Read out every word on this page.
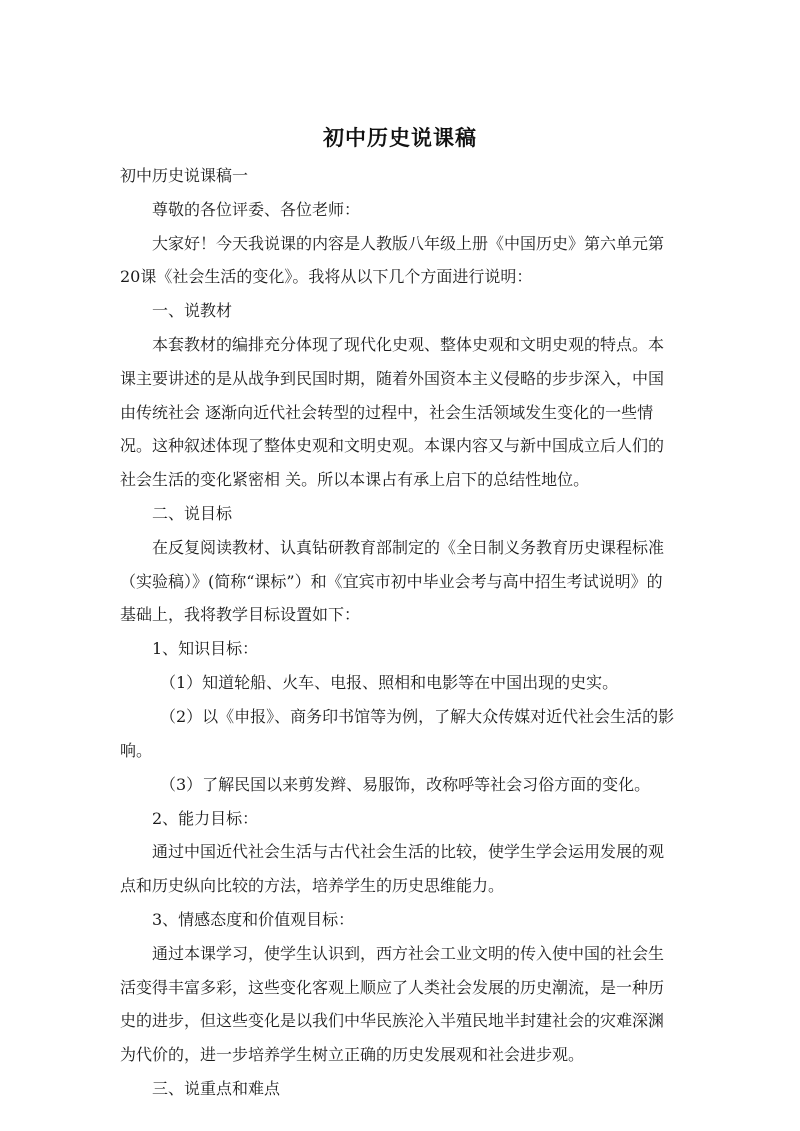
初中历史说课稿
初中历史说课稿一
尊敬的各位评委、各位老师：
大家好！今天我说课的内容是人教版八年级上册《中国历史》第六单元第
20课《社会生活的变化》。我将从以下几个方面进行说明：
一、说教材
本套教材的编排充分体现了现代化史观、整体史观和文明史观的特点。本
课主要讲述的是从战争到民国时期，随着外国资本主义侵略的步步深入，中国
由传统社会 逐渐向近代社会转型的过程中，社会生活领域发生变化的一些情
况。这种叙述体现了整体史观和文明史观。本课内容又与新中国成立后人们的
社会生活的变化紧密相 关。所以本课占有承上启下的总结性地位。
二、说目标
在反复阅读教材、认真钻研教育部制定的《全日制义务教育历史课程标准
（实验稿）》(简称“课标”）和《宜宾市初中毕业会考与高中招生考试说明》的
基础上，我将教学目标设置如下：
1、知识目标：
（1）知道轮船、火车、电报、照相和电影等在中国出现的史实。
（2）以《申报》、商务印书馆等为例，了解大众传媒对近代社会生活的影
响。
（3）了解民国以来剪发辫、易服饰，改称呼等社会习俗方面的变化。
2、能力目标：
通过中国近代社会生活与古代社会生活的比较，使学生学会运用发展的观
点和历史纵向比较的方法，培养学生的历史思维能力。
3、情感态度和价值观目标：
通过本课学习，使学生认识到，西方社会工业文明的传入使中国的社会生
活变得丰富多彩，这些变化客观上顺应了人类社会发展的历史潮流，是一种历
史的进步，但这些变化是以我们中华民族沦入半殖民地半封建社会的灾难深渊
为代价的，进一步培养学生树立正确的历史发展观和社会进步观。
三、说重点和难点
